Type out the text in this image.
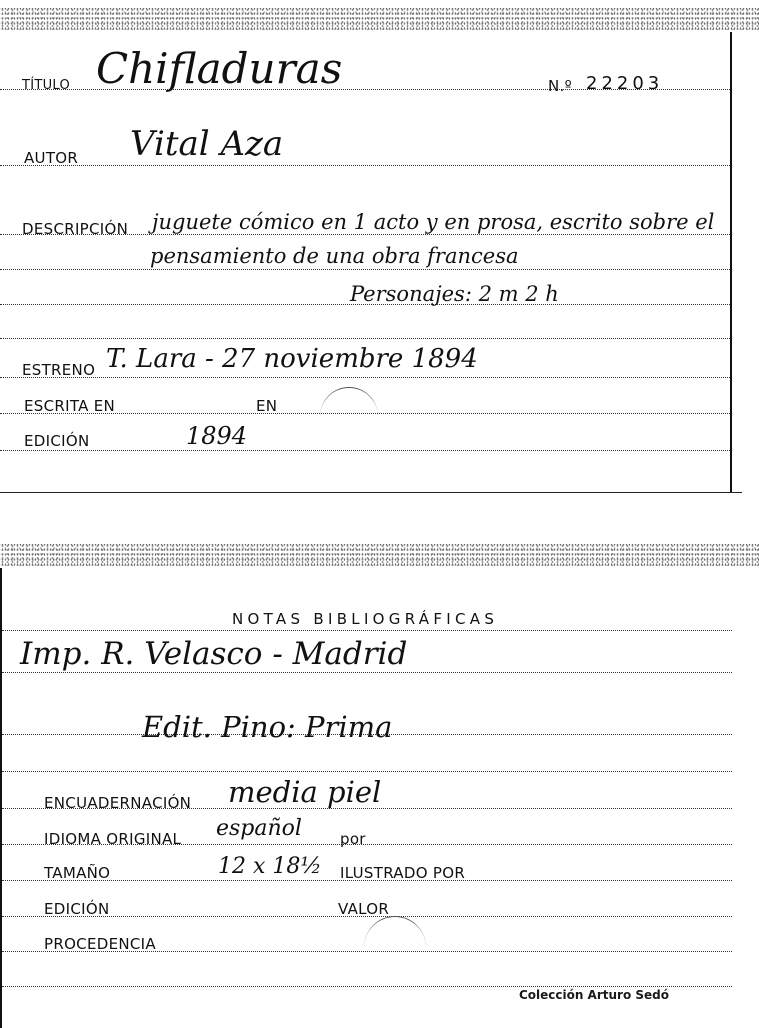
TÍTULO Chifladuras	N.º 22203
AUTOR Vital Aza
DESCRIPCIÓN juguete cómico en 1 acto y en prosa, escrito sobre el
pensamiento de una obra francesa
Personajes: 2 m 2 h
ESTRENO T. Lara - 27 noviembre 1894
ESCRITA EN	EN
EDICIÓN	1894
NOTAS BIBLIOGRÁFICAS
Imp. R. Velasco - Madrid
Edit. Pino: Prima
ENCUADERNACIÓN media piel
IDIOMA ORIGINAL español	por
TAMAÑO	12 x 18½ ILUSTRADO POR
EDICIÓN	VALOR
PROCEDENCIA
Colección Arturo Sedó
